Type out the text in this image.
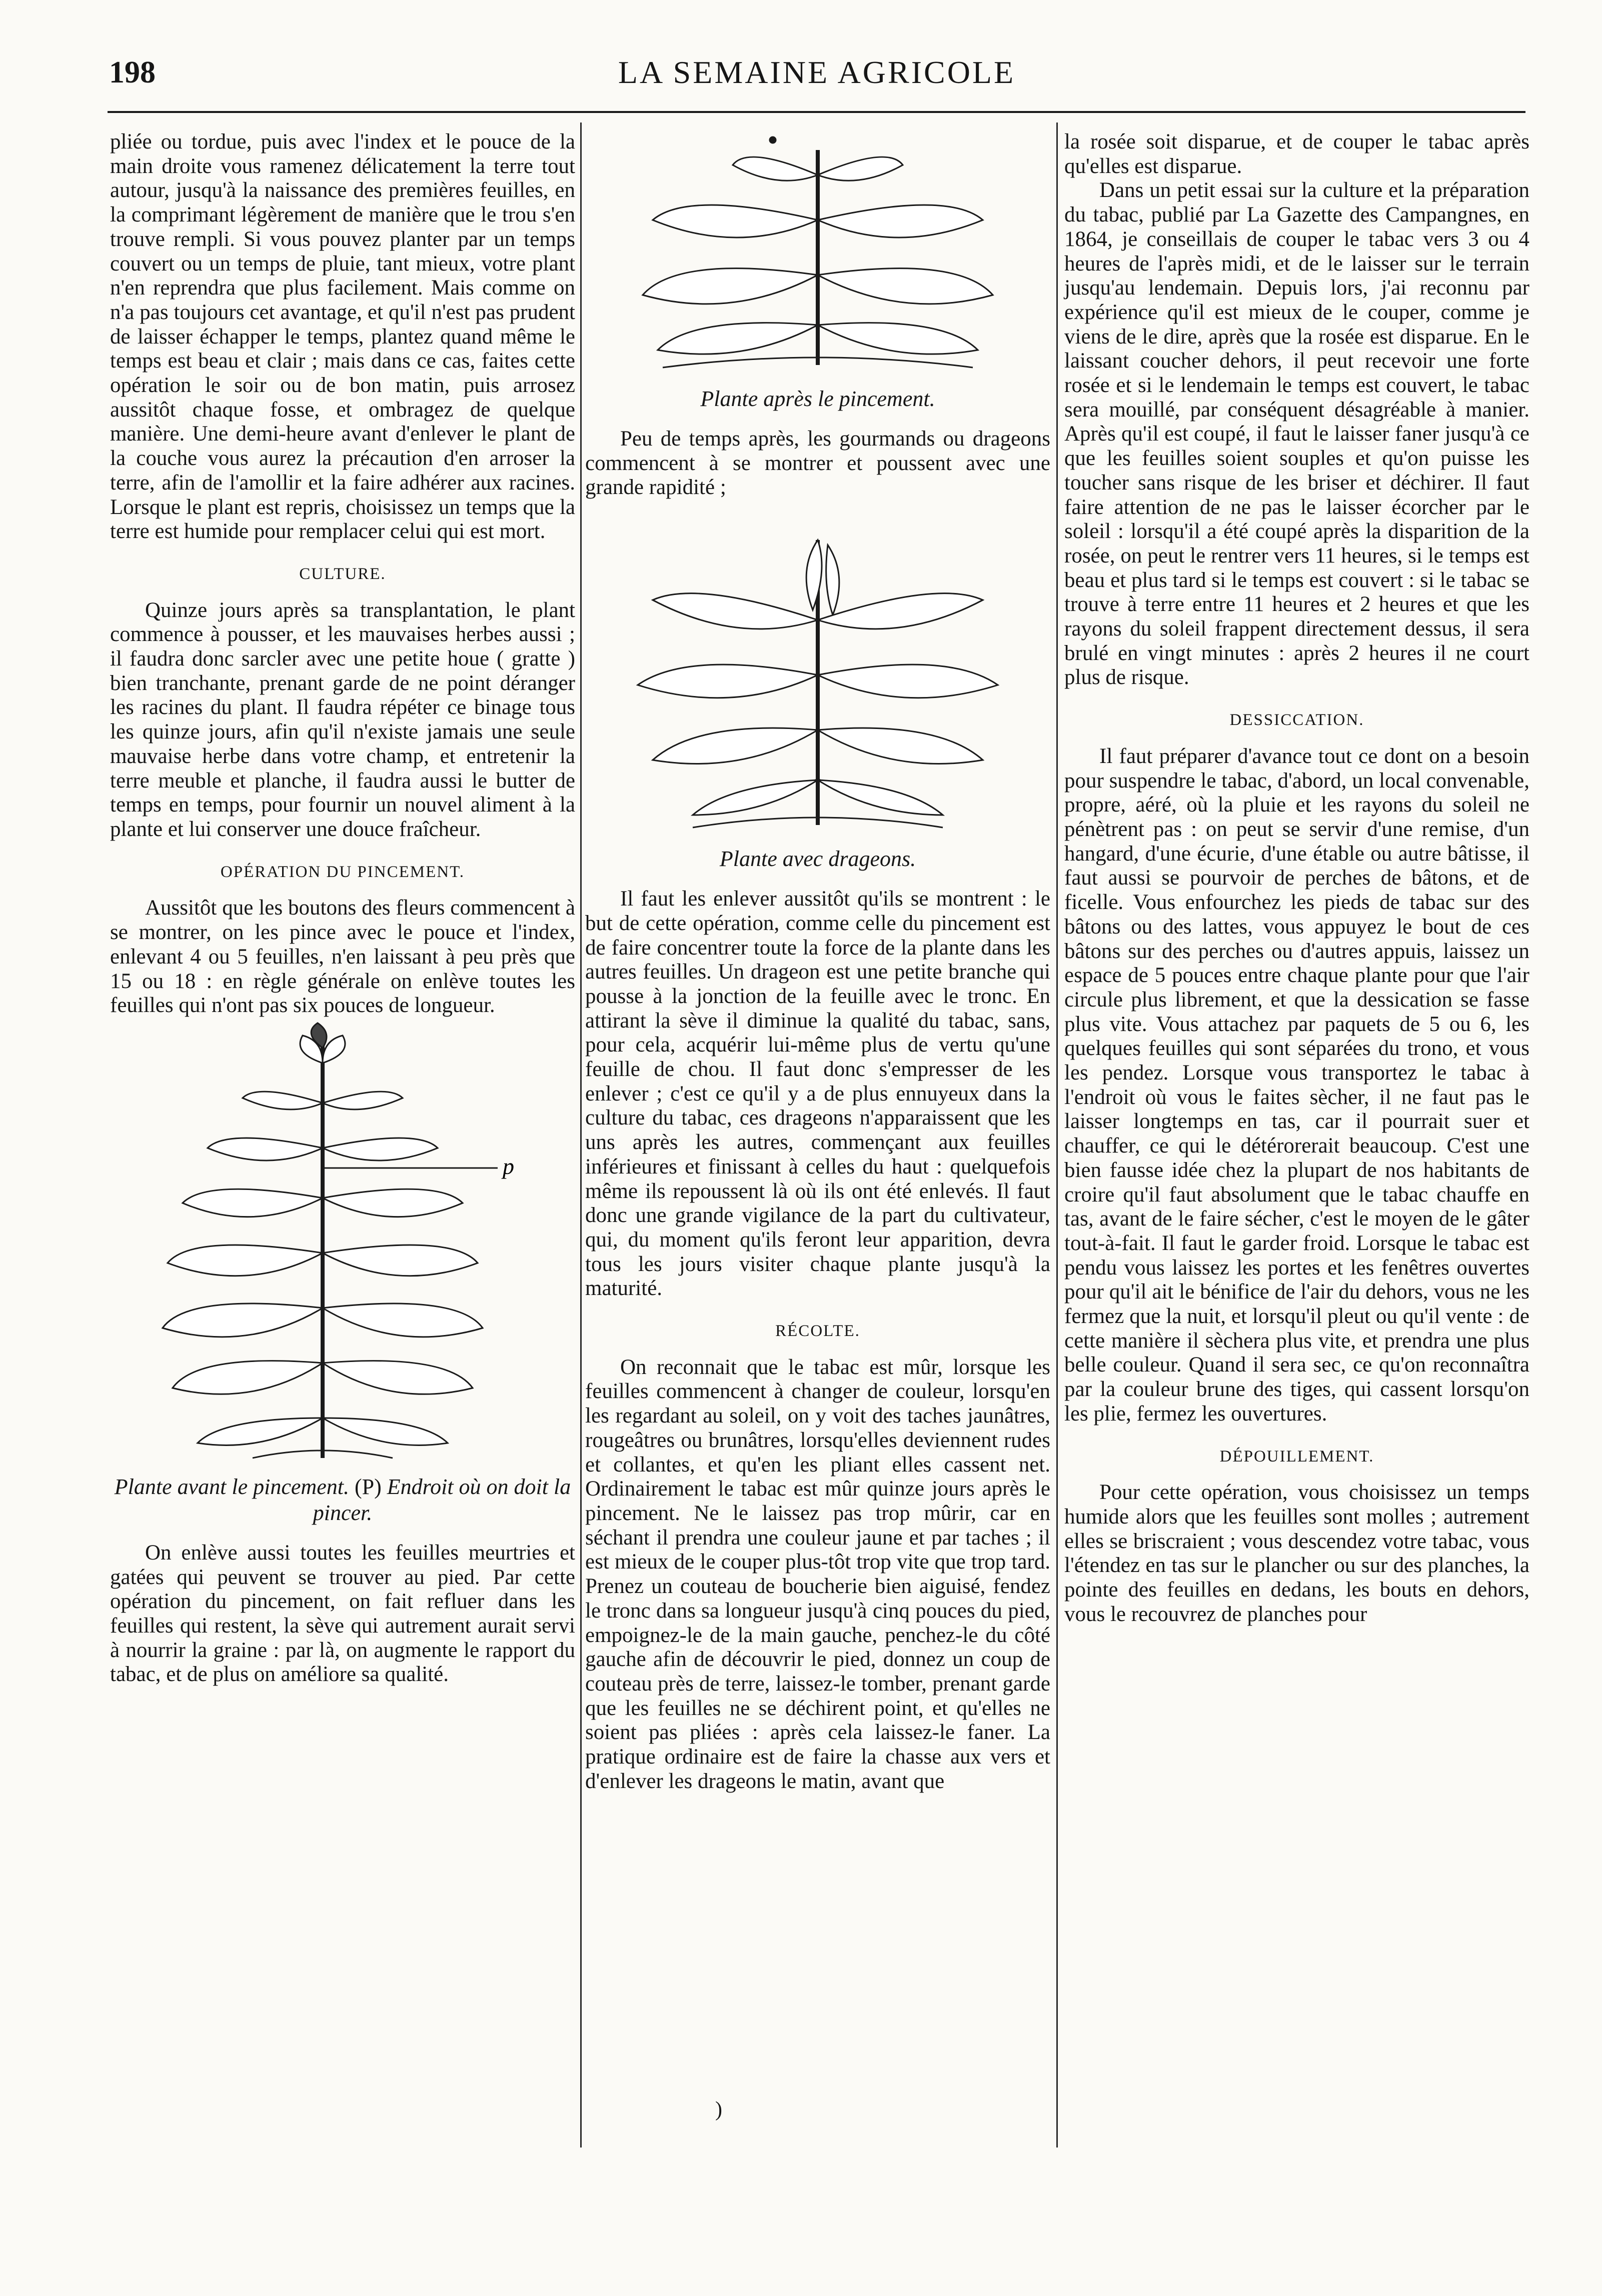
198	LA SEMAINE AGRICOLE

pliée ou tordue, puis avec l'index et le pouce de la main droite vous ramenez délicatement la terre tout autour, jusqu'à la naissance des premières feuilles, en la comprimant légèrement de manière que le trou s'en trouve rempli. Si vous pouvez planter par un temps couvert ou un temps de pluie, tant mieux, votre plant n'en reprendra que plus facilement. Mais comme on n'a pas toujours cet avantage, et qu'il n'est pas prudent de laisser échapper le temps, plantez quand même le temps est beau et clair ; mais dans ce cas, faites cette opération le soir ou de bon matin, puis arrosez aussitôt chaque fosse, et ombragez de quelque manière. Une demi-heure avant d'enlever le plant de la couche vous aurez la précaution d'en arroser la terre, afin de l'amollir et la faire adhérer aux racines. Lorsque le plant est repris, choisissez un temps que la terre est humide pour remplacer celui qui est mort.

CULTURE.

Quinze jours après sa transplantation, le plant commence à pousser, et les mauvaises herbes aussi ; il faudra donc sarcler avec une petite houe ( gratte ) bien tranchante, prenant garde de ne point déranger les racines du plant. Il faudra répéter ce binage tous les quinze jours, afin qu'il n'existe jamais une seule mauvaise herbe dans votre champ, et entretenir la terre meuble et planche, il faudra aussi le butter de temps en temps, pour fournir un nouvel aliment à la plante et lui conserver une douce fraîcheur.

OPÉRATION DU PINCEMENT.

Aussitôt que les boutons des fleurs commencent à se montrer, on les pince avec le pouce et l'index, enlevant 4 ou 5 feuilles, n'en laissant à peu près que 15 ou 18 : en règle générale on enlève toutes les feuilles qui n'ont pas six pouces de longueur.

p
Plante avant le pincement. (P) Endroit où on doit la pincer.

On enlève aussi toutes les feuilles meurtries et gatées qui peuvent se trouver au pied. Par cette opération du pincement, on fait refluer dans les feuilles qui restent, la sève qui autrement aurait servi à nourrir la graine : par là, on augmente le rapport du tabac, et de plus on améliore sa qualité.

Plante après le pincement.

Peu de temps après, les gourmands ou drageons commencent à se montrer et poussent avec une grande rapidité ;

Plante avec drageons.

Il faut les enlever aussitôt qu'ils se montrent : le but de cette opération, comme celle du pincement est de faire concentrer toute la force de la plante dans les autres feuilles. Un drageon est une petite branche qui pousse à la jonction de la feuille avec le tronc. En attirant la sève il diminue la qualité du tabac, sans, pour cela, acquérir lui-même plus de vertu qu'une feuille de chou. Il faut donc s'empresser de les enlever ; c'est ce qu'il y a de plus ennuyeux dans la culture du tabac, ces drageons n'apparaissent que les uns après les autres, commençant aux feuilles inférieures et finissant à celles du haut : quelquefois même ils repoussent là où ils ont été enlevés. Il faut donc une grande vigilance de la part du cultivateur, qui, du moment qu'ils feront leur apparition, devra tous les jours visiter chaque plante jusqu'à la maturité.

RÉCOLTE.

On reconnait que le tabac est mûr, lorsque les feuilles commencent à changer de couleur, lorsqu'en les regardant au soleil, on y voit des taches jaunâtres, rougeâtres ou brunâtres, lorsqu'elles deviennent rudes et collantes, et qu'en les pliant elles cassent net. Ordinairement le tabac est mûr quinze jours après le pincement. Ne le laissez pas trop mûrir, car en séchant il prendra une couleur jaune et par taches ; il est mieux de le couper plus-tôt trop vite que trop tard. Prenez un couteau de boucherie bien aiguisé, fendez le tronc dans sa longueur jusqu'à cinq pouces du pied, empoignez-le de la main gauche, penchez-le du côté gauche afin de découvrir le pied, donnez un coup de couteau près de terre, laissez-le tomber, prenant garde que les feuilles ne se déchirent point, et qu'elles ne soient pas pliées : après cela laissez-le faner. La pratique ordinaire est de faire la chasse aux vers et d'enlever les drageons le matin, avant que

la rosée soit disparue, et de couper le tabac après qu'elles est disparue.

Dans un petit essai sur la culture et la préparation du tabac, publié par La Gazette des Campangnes, en 1864, je conseillais de couper le tabac vers 3 ou 4 heures de l'après midi, et de le laisser sur le terrain jusqu'au lendemain. Depuis lors, j'ai reconnu par expérience qu'il est mieux de le couper, comme je viens de le dire, après que la rosée est disparue. En le laissant coucher dehors, il peut recevoir une forte rosée et si le lendemain le temps est couvert, le tabac sera mouillé, par conséquent désagréable à manier. Après qu'il est coupé, il faut le laisser faner jusqu'à ce que les feuilles soient souples et qu'on puisse les toucher sans risque de les briser et déchirer. Il faut faire attention de ne pas le laisser écorcher par le soleil : lorsqu'il a été coupé après la disparition de la rosée, on peut le rentrer vers 11 heures, si le temps est beau et plus tard si le temps est couvert : si le tabac se trouve à terre entre 11 heures et 2 heures et que les rayons du soleil frappent directement dessus, il sera brulé en vingt minutes : après 2 heures il ne court plus de risque.

DESSICCATION.

Il faut préparer d'avance tout ce dont on a besoin pour suspendre le tabac, d'abord, un local convenable, propre, aéré, où la pluie et les rayons du soleil ne pénètrent pas : on peut se servir d'une remise, d'un hangard, d'une écurie, d'une étable ou autre bâtisse, il faut aussi se pourvoir de perches de bâtons, et de ficelle. Vous enfourchez les pieds de tabac sur des bâtons ou des lattes, vous appuyez le bout de ces bâtons sur des perches ou d'autres appuis, laissez un espace de 5 pouces entre chaque plante pour que l'air circule plus librement, et que la dessication se fasse plus vite. Vous attachez par paquets de 5 ou 6, les quelques feuilles qui sont séparées du trono, et vous les pendez. Lorsque vous transportez le tabac à l'endroit où vous le faites sècher, il ne faut pas le laisser longtemps en tas, car il pourrait suer et chauffer, ce qui le détérorerait beaucoup. C'est une bien fausse idée chez la plupart de nos habitants de croire qu'il faut absolument que le tabac chauffe en tas, avant de le faire sécher, c'est le moyen de le gâter tout-à-fait. Il faut le garder froid. Lorsque le tabac est pendu vous laissez les portes et les fenêtres ouvertes pour qu'il ait le bénifice de l'air du dehors, vous ne les fermez que la nuit, et lorsqu'il pleut ou qu'il vente : de cette manière il sèchera plus vite, et prendra une plus belle couleur. Quand il sera sec, ce qu'on reconnaîtra par la couleur brune des tiges, qui cassent lorsqu'on les plie, fermez les ouvertures.

DÉPOUILLEMENT.

Pour cette opération, vous choisissez un temps humide alors que les feuilles sont molles ; autrement elles se briscraient ; vous descendez votre tabac, vous l'étendez en tas sur le plancher ou sur des planches, la pointe des feuilles en dedans, les bouts en dehors, vous le recouvrez de planches pour

)
